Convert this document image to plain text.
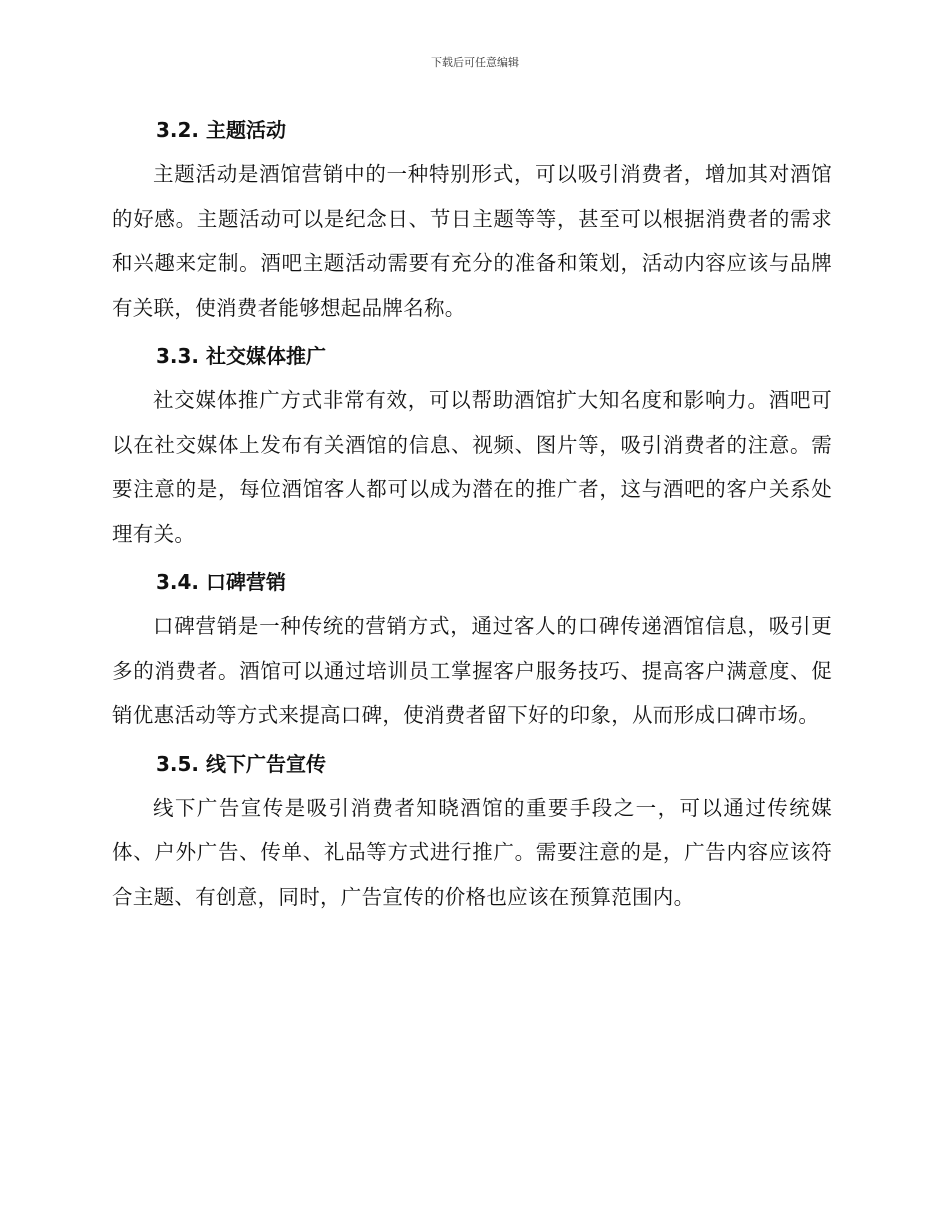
下载后可任意编辑
3.2. 主题活动

主题活动是酒馆营销中的一种特别形式，可以吸引消费者，增加其对酒馆的好感。主题活动可以是纪念日、节日主题等等，甚至可以根据消费者的需求和兴趣来定制。酒吧主题活动需要有充分的准备和策划，活动内容应该与品牌有关联，使消费者能够想起品牌名称。

3.3. 社交媒体推广

社交媒体推广方式非常有效，可以帮助酒馆扩大知名度和影响力。酒吧可以在社交媒体上发布有关酒馆的信息、视频、图片等，吸引消费者的注意。需要注意的是，每位酒馆客人都可以成为潜在的推广者，这与酒吧的客户关系处理有关。

3.4. 口碑营销

口碑营销是一种传统的营销方式，通过客人的口碑传递酒馆信息，吸引更多的消费者。酒馆可以通过培训员工掌握客户服务技巧、提高客户满意度、促销优惠活动等方式来提高口碑，使消费者留下好的印象，从而形成口碑市场。

3.5. 线下广告宣传

线下广告宣传是吸引消费者知晓酒馆的重要手段之一，可以通过传统媒体、户外广告、传单、礼品等方式进行推广。需要注意的是，广告内容应该符合主题、有创意，同时，广告宣传的价格也应该在预算范围内。
